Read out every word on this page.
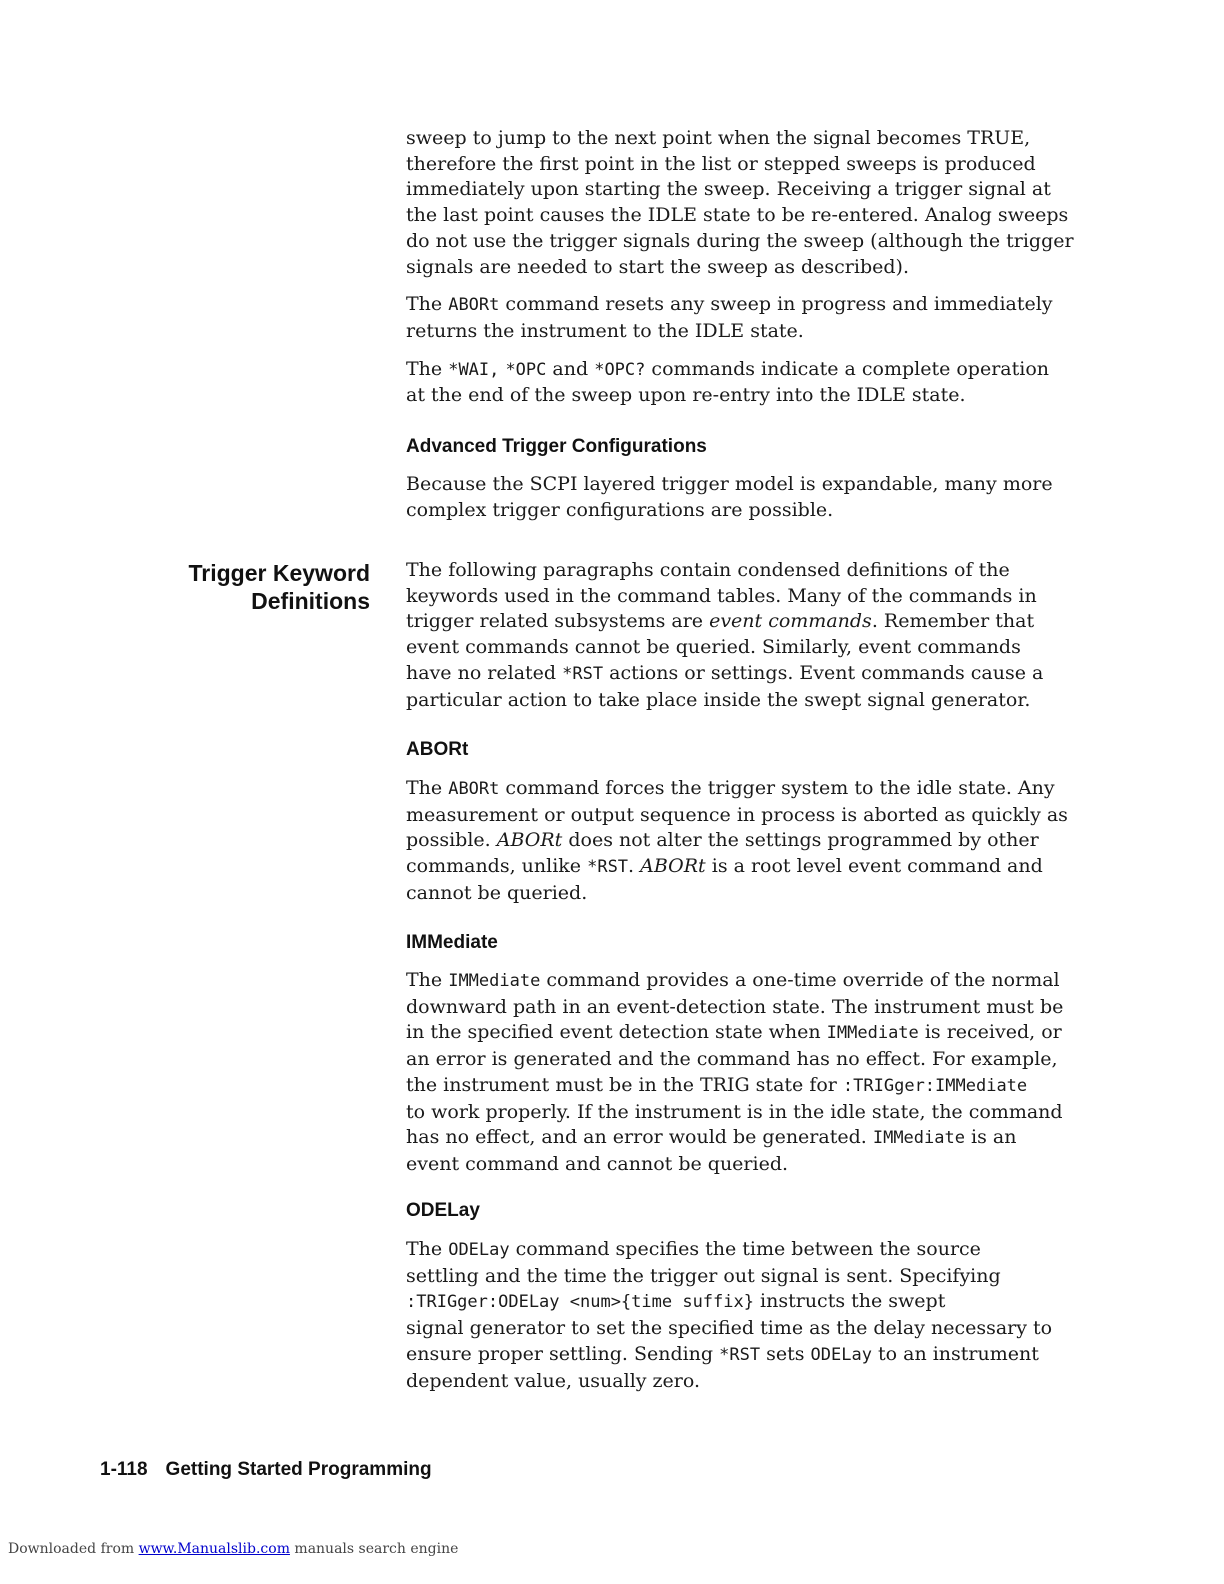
sweep to jump to the next point when the signal becomes TRUE,
therefore the first point in the list or stepped sweeps is produced
immediately upon starting the sweep. Receiving a trigger signal at
the last point causes the IDLE state to be re-entered. Analog sweeps
do not use the trigger signals during the sweep (although the trigger
signals are needed to start the sweep as described).

The ABORt command resets any sweep in progress and immediately
returns the instrument to the IDLE state.

The *WAI, *OPC and *OPC? commands indicate a complete operation
at the end of the sweep upon re-entry into the IDLE state.

Advanced Trigger Configurations

Because the SCPI layered trigger model is expandable, many more
complex trigger configurations are possible.

Trigger Keyword
Definitions

The following paragraphs contain condensed definitions of the
keywords used in the command tables. Many of the commands in
trigger related subsystems are event commands. Remember that
event commands cannot be queried. Similarly, event commands
have no related *RST actions or settings. Event commands cause a
particular action to take place inside the swept signal generator.

ABORt

The ABORt command forces the trigger system to the idle state. Any
measurement or output sequence in process is aborted as quickly as
possible. ABORt does not alter the settings programmed by other
commands, unlike *RST. ABORt is a root level event command and
cannot be queried.

IMMediate

The IMMediate command provides a one-time override of the normal
downward path in an event-detection state. The instrument must be
in the specified event detection state when IMMediate is received, or
an error is generated and the command has no effect. For example,
the instrument must be in the TRIG state for :TRIGger:IMMediate
to work properly. If the instrument is in the idle state, the command
has no effect, and an error would be generated. IMMediate is an
event command and cannot be queried.

ODELay

The ODELay command specifies the time between the source
settling and the time the trigger out signal is sent. Specifying
:TRIGger:ODELay <num>{time suffix} instructs the swept
signal generator to set the specified time as the delay necessary to
ensure proper settling. Sending *RST sets ODELay to an instrument
dependent value, usually zero.

1-118 Getting Started Programming
Downloaded from www.Manualslib.com manuals search engine
